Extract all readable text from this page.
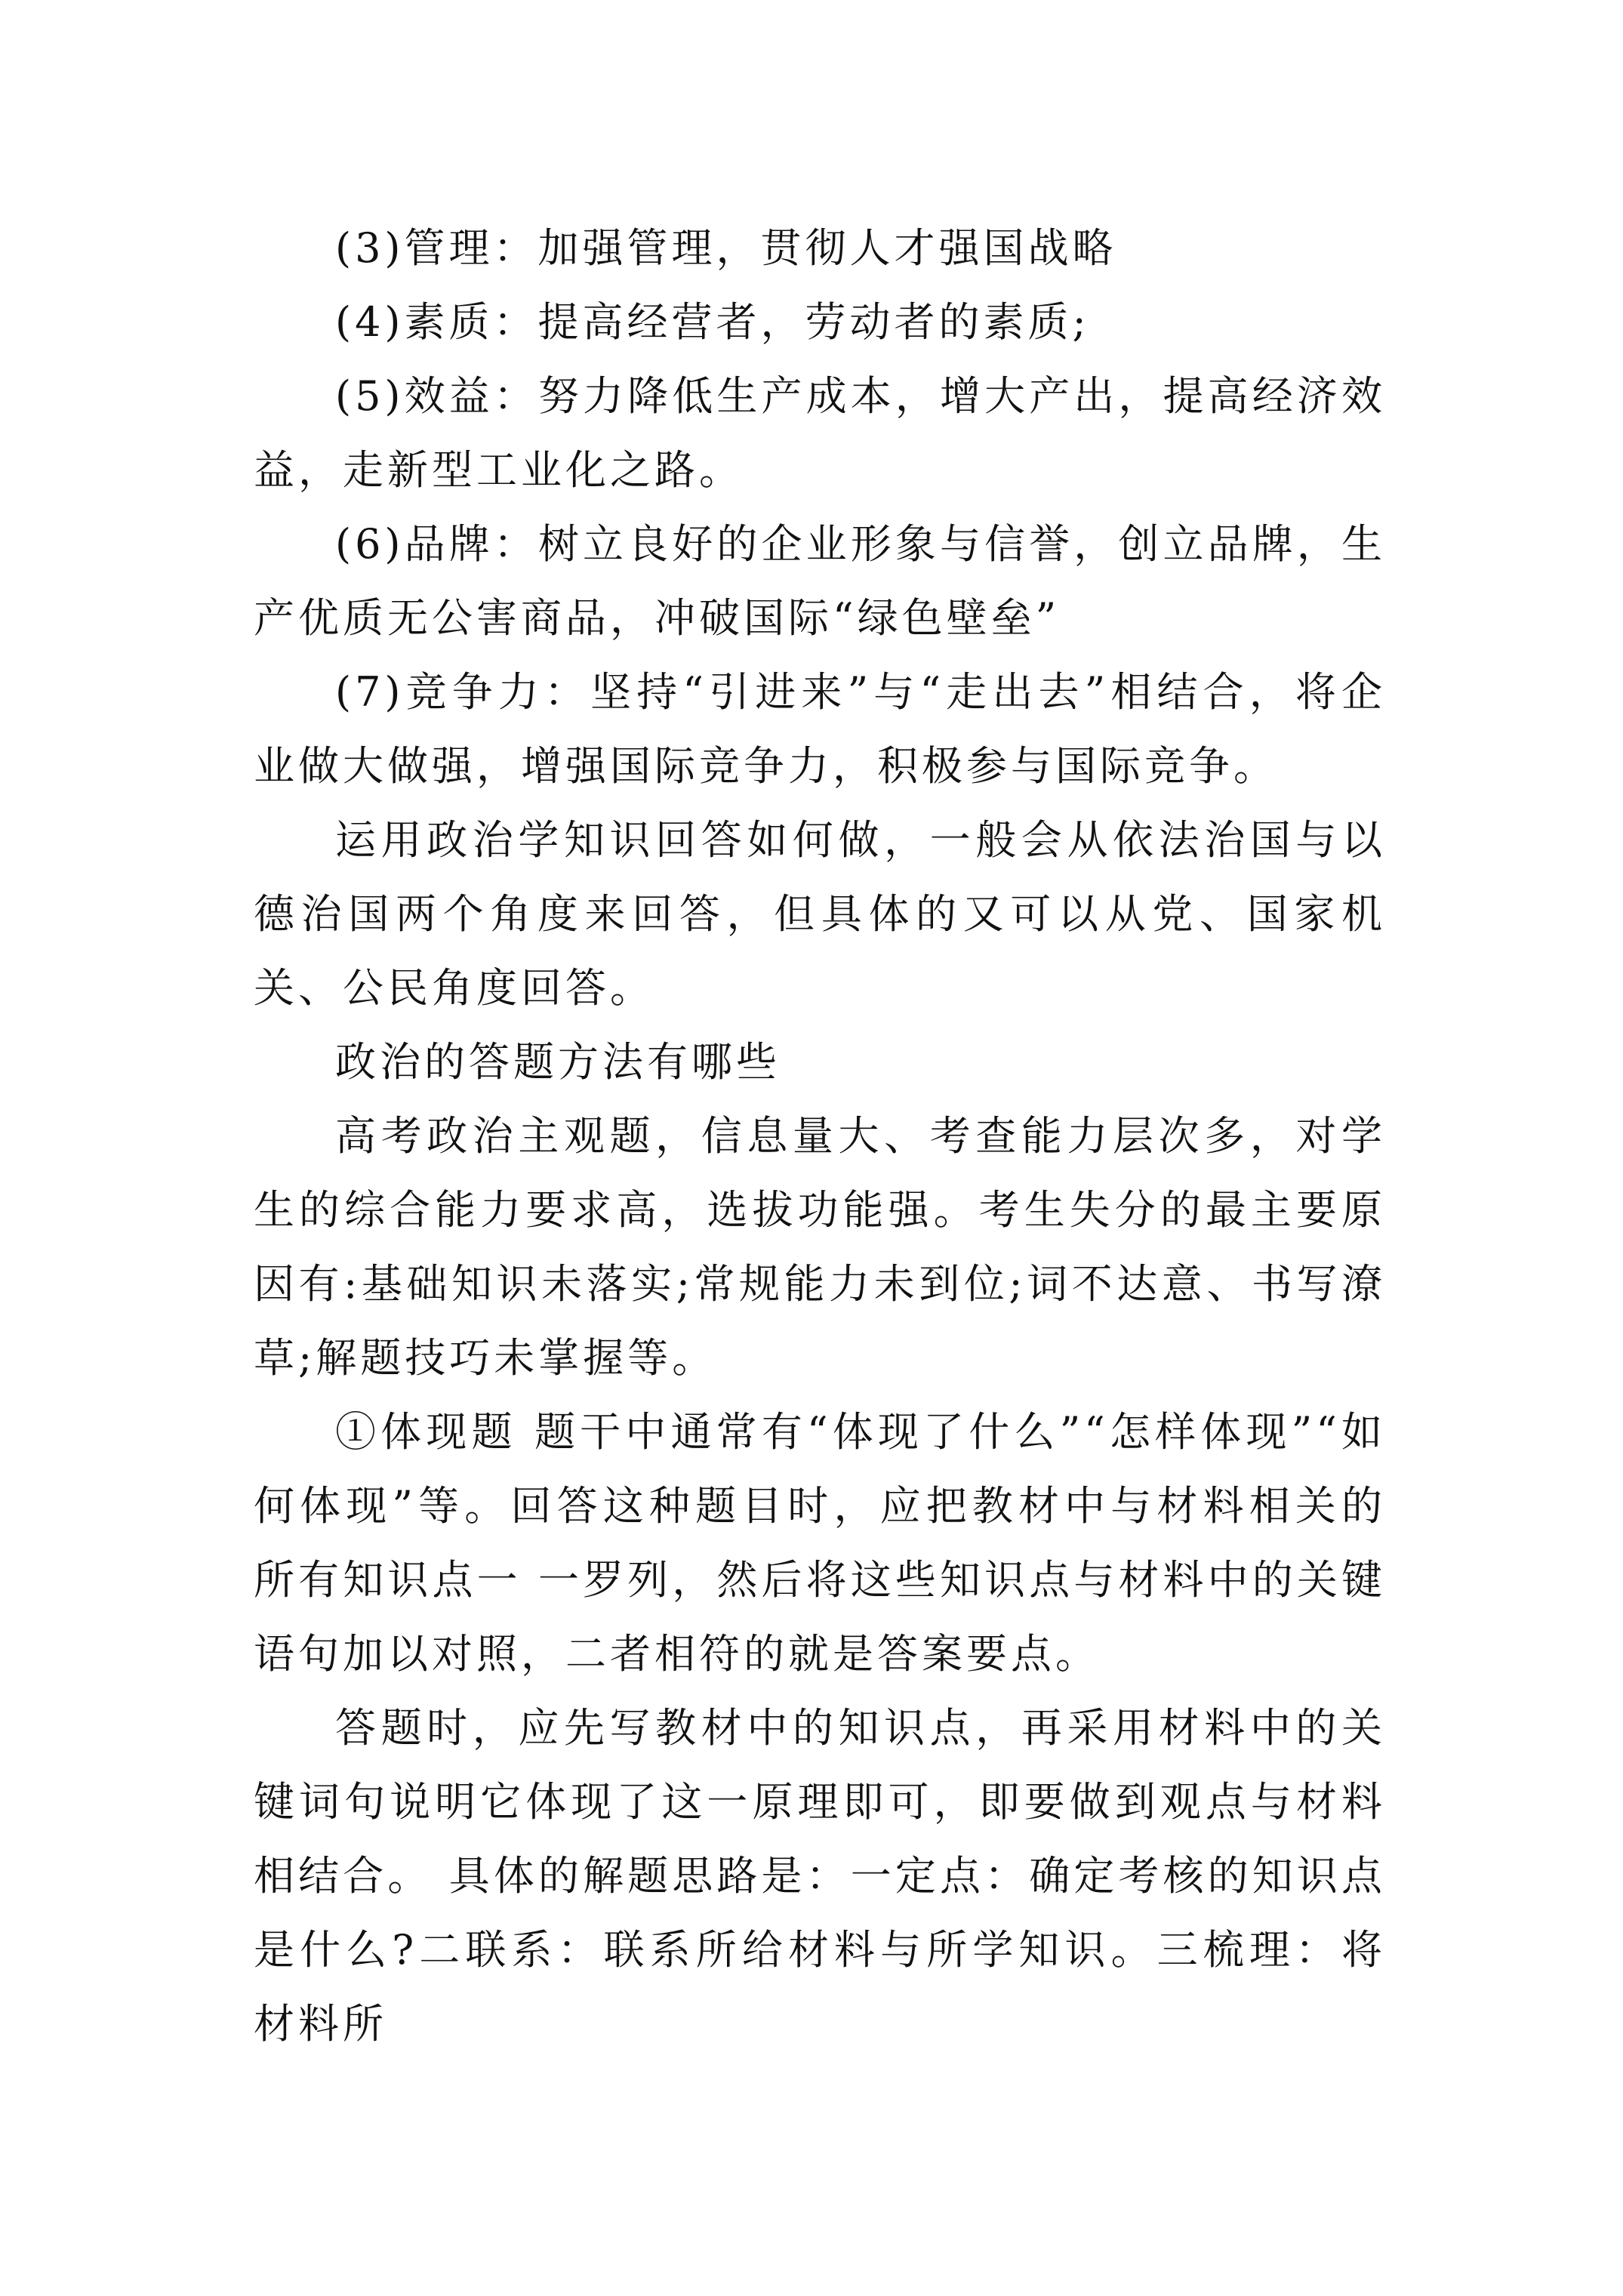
(3)管理：加强管理，贯彻人才强国战略

(4)素质：提高经营者，劳动者的素质;

(5)效益：努力降低生产成本，增大产出，提高经济效益，走新型工业化之路。

(6)品牌：树立良好的企业形象与信誉，创立品牌，生产优质无公害商品，冲破国际“绿色壁垒”

(7)竞争力：坚持“引进来”与“走出去”相结合，将企业做大做强，增强国际竞争力，积极参与国际竞争。

运用政治学知识回答如何做，一般会从依法治国与以德治国两个角度来回答，但具体的又可以从党、国家机关、公民角度回答。

政治的答题方法有哪些

高考政治主观题，信息量大、考查能力层次多，对学生的综合能力要求高，选拔功能强。考生失分的最主要原因有:基础知识未落实;常规能力未到位;词不达意、书写潦草;解题技巧未掌握等。

①体现题 题干中通常有“体现了什么”“怎样体现”“如何体现”等。回答这种题目时，应把教材中与材料相关的所有知识点一 一罗列，然后将这些知识点与材料中的关键语句加以对照，二者相符的就是答案要点。

答题时，应先写教材中的知识点，再采用材料中的关键词句说明它体现了这一原理即可，即要做到观点与材料相结合。 具体的解题思路是：一定点：确定考核的知识点是什么?二联系：联系所给材料与所学知识。三梳理：将材料所
